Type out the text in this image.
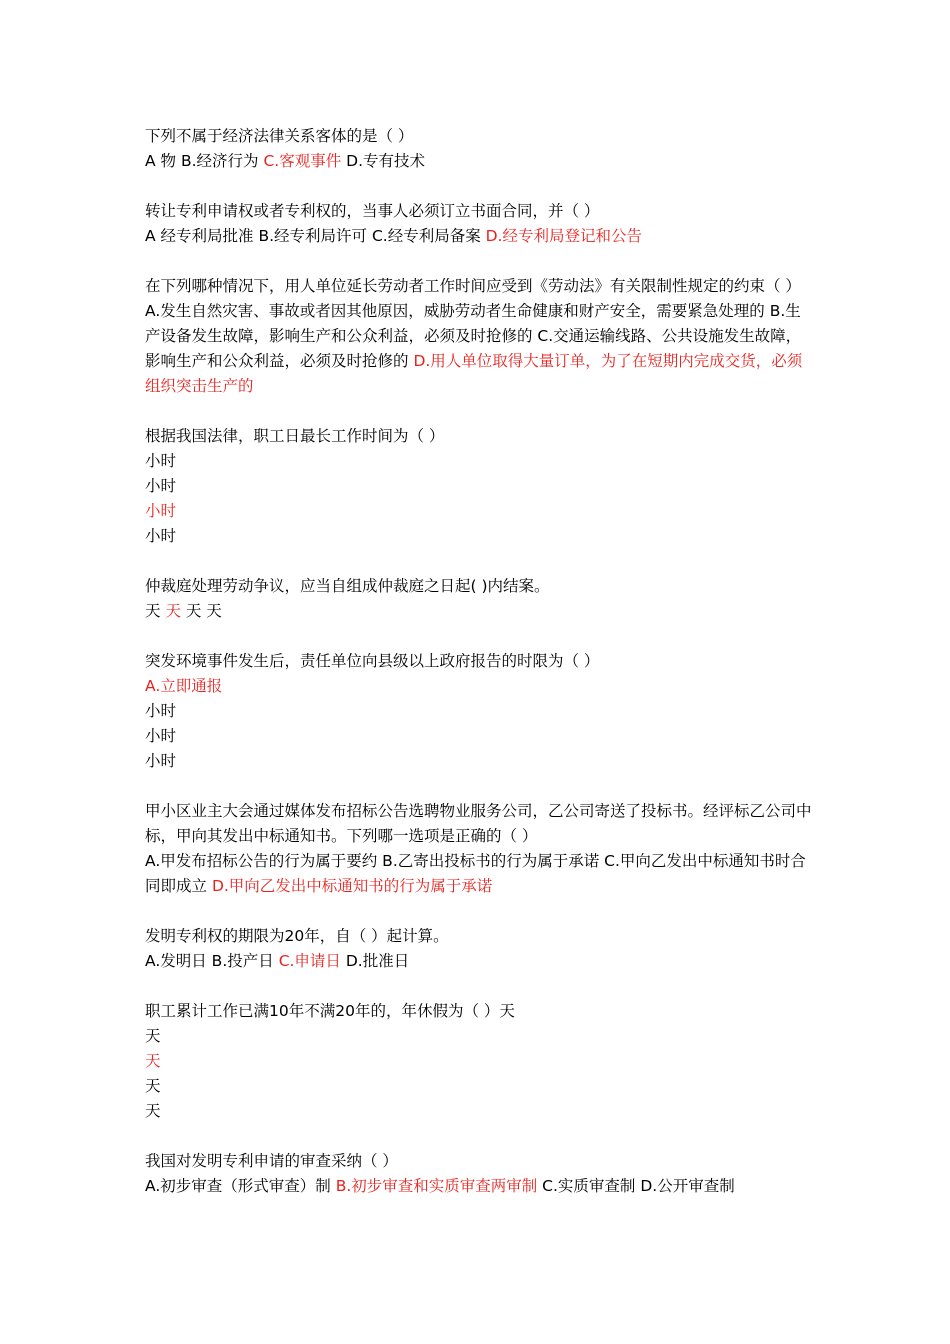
下列不属于经济法律关系客体的是（ ）
A 物 B.经济行为 C.客观事件 D.专有技术
转让专利申请权或者专利权的，当事人必须订立书面合同，并（ ）
A 经专利局批准 B.经专利局许可 C.经专利局备案 D.经专利局登记和公告
在下列哪种情况下，用人单位延长劳动者工作时间应受到《劳动法》有关限制性规定的约束（ ）
A.发生自然灾害、事故或者因其他原因，威胁劳动者生命健康和财产安全，需要紧急处理的 B.生产设备发生故障，影响生产和公众利益，必须及时抢修的 C.交通运输线路、公共设施发生故障，影响生产和公众利益，必须及时抢修的 D.用人单位取得大量订单，为了在短期内完成交货，必须组织突击生产的
根据我国法律，职工日最长工作时间为（ ）
小时
小时
小时
小时
仲裁庭处理劳动争议，应当自组成仲裁庭之日起( )内结案。
天 天 天 天
突发环境事件发生后，责任单位向县级以上政府报告的时限为（ ）
A.立即通报
小时
小时
小时
甲小区业主大会通过媒体发布招标公告选聘物业服务公司，乙公司寄送了投标书。经评标乙公司中标，甲向其发出中标通知书。下列哪一选项是正确的（ ）
A.甲发布招标公告的行为属于要约 B.乙寄出投标书的行为属于承诺 C.甲向乙发出中标通知书时合同即成立 D.甲向乙发出中标通知书的行为属于承诺
发明专利权的期限为20年，自（ ）起计算。
A.发明日 B.投产日 C.申请日 D.批准日
职工累计工作已满10年不满20年的，年休假为（ ）天
天
天
天
天
我国对发明专利申请的审查采纳（ ）
A.初步审查（形式审查）制 B.初步审查和实质审查两审制 C.实质审查制 D.公开审查制
